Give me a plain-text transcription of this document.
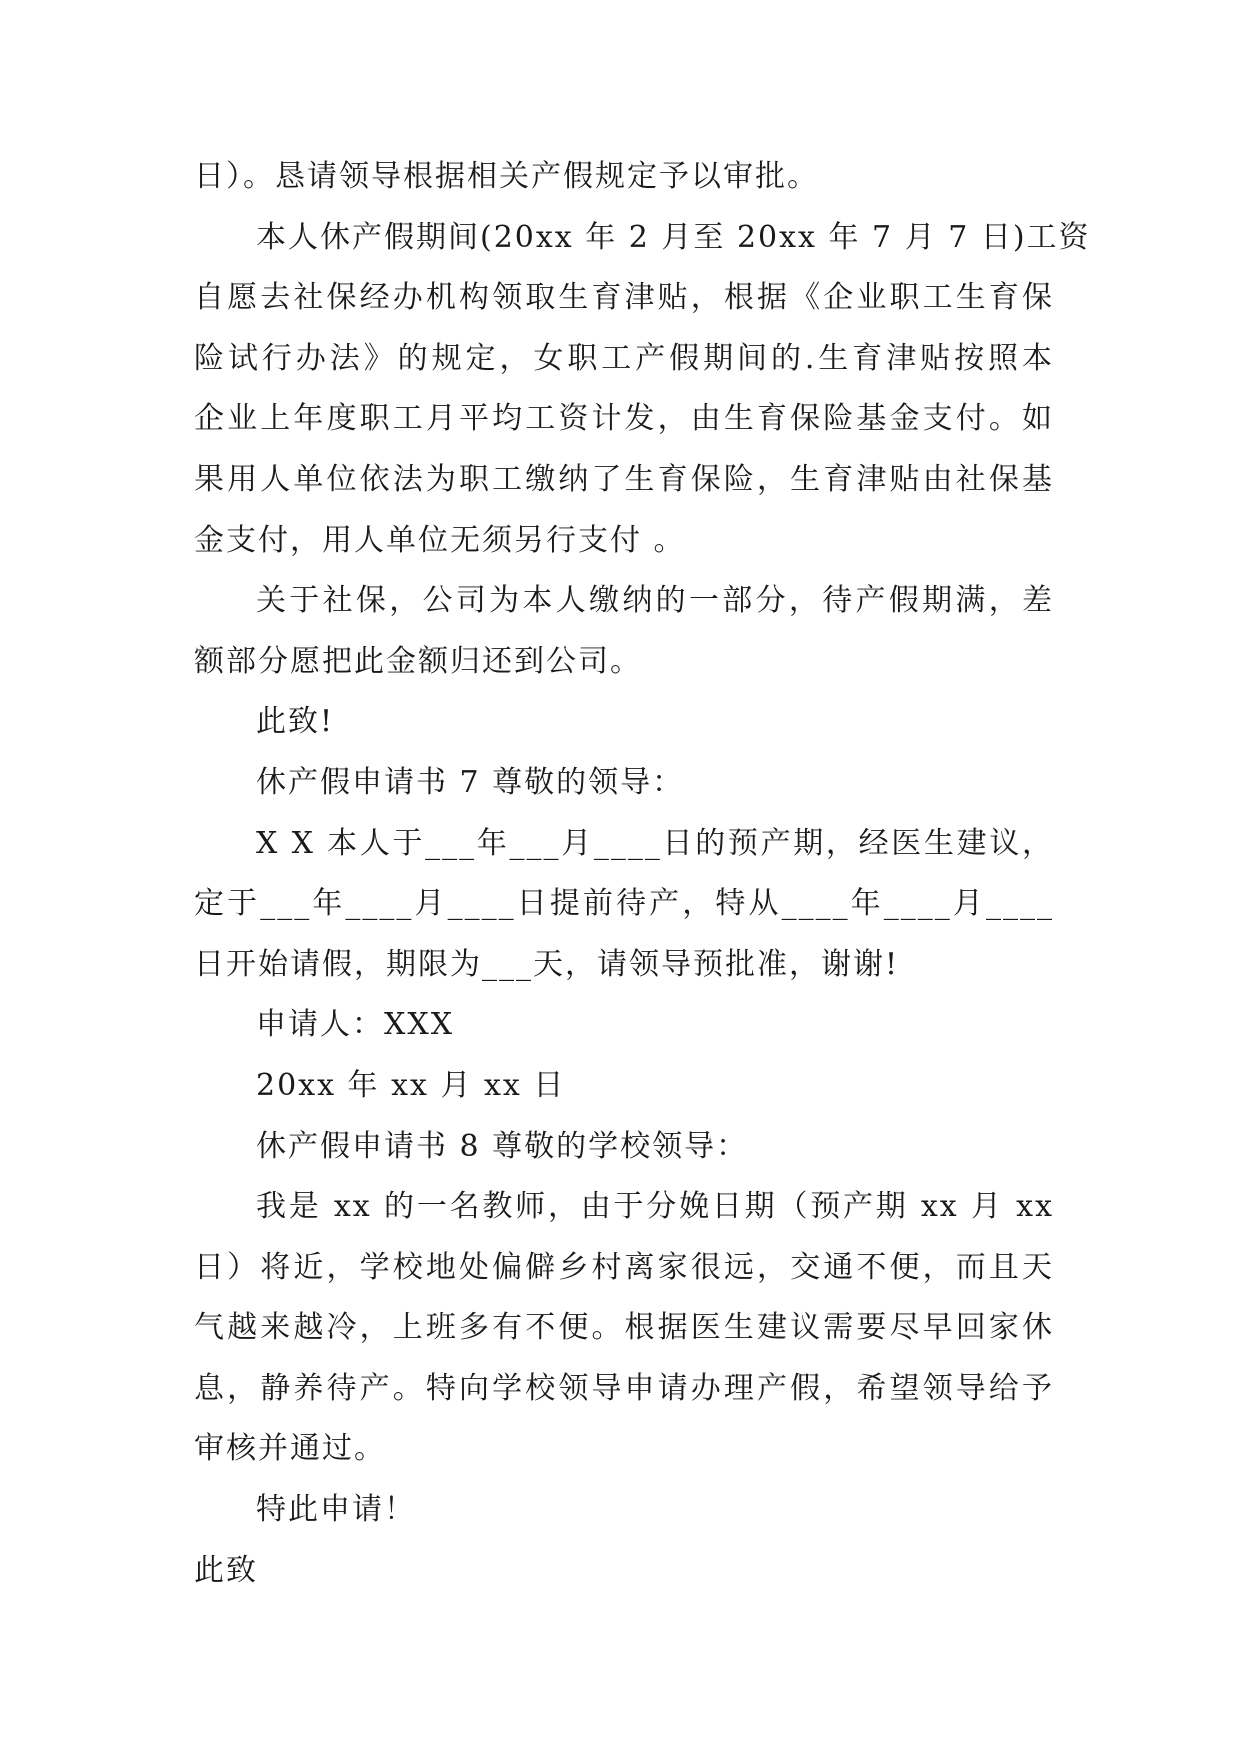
日）。恳请领导根据相关产假规定予以审批。
本人休产假期间(20xx 年 2 月至 20xx 年 7 月 7 日)工资
自愿去社保经办机构领取生育津贴，根据《企业职工生育保
险试行办法》的规定，女职工产假期间的.生育津贴按照本
企业上年度职工月平均工资计发，由生育保险基金支付。如
果用人单位依法为职工缴纳了生育保险，生育津贴由社保基
金支付，用人单位无须另行支付 。
关于社保，公司为本人缴纳的一部分，待产假期满，差
额部分愿把此金额归还到公司。
此致!
休产假申请书 7 尊敬的领导：
X X 本人于___年___月____日的预产期，经医生建议，
定于___年____月____日提前待产，特从____年____月____
日开始请假，期限为___天，请领导预批准，谢谢!
申请人：XXX
20xx 年 xx 月 xx 日
休产假申请书 8 尊敬的学校领导：
我是 xx 的一名教师，由于分娩日期（预产期 xx 月 xx
日）将近，学校地处偏僻乡村离家很远，交通不便，而且天
气越来越冷，上班多有不便。根据医生建议需要尽早回家休
息，静养待产。特向学校领导申请办理产假，希望领导给予
审核并通过。
特此申请！
此致
